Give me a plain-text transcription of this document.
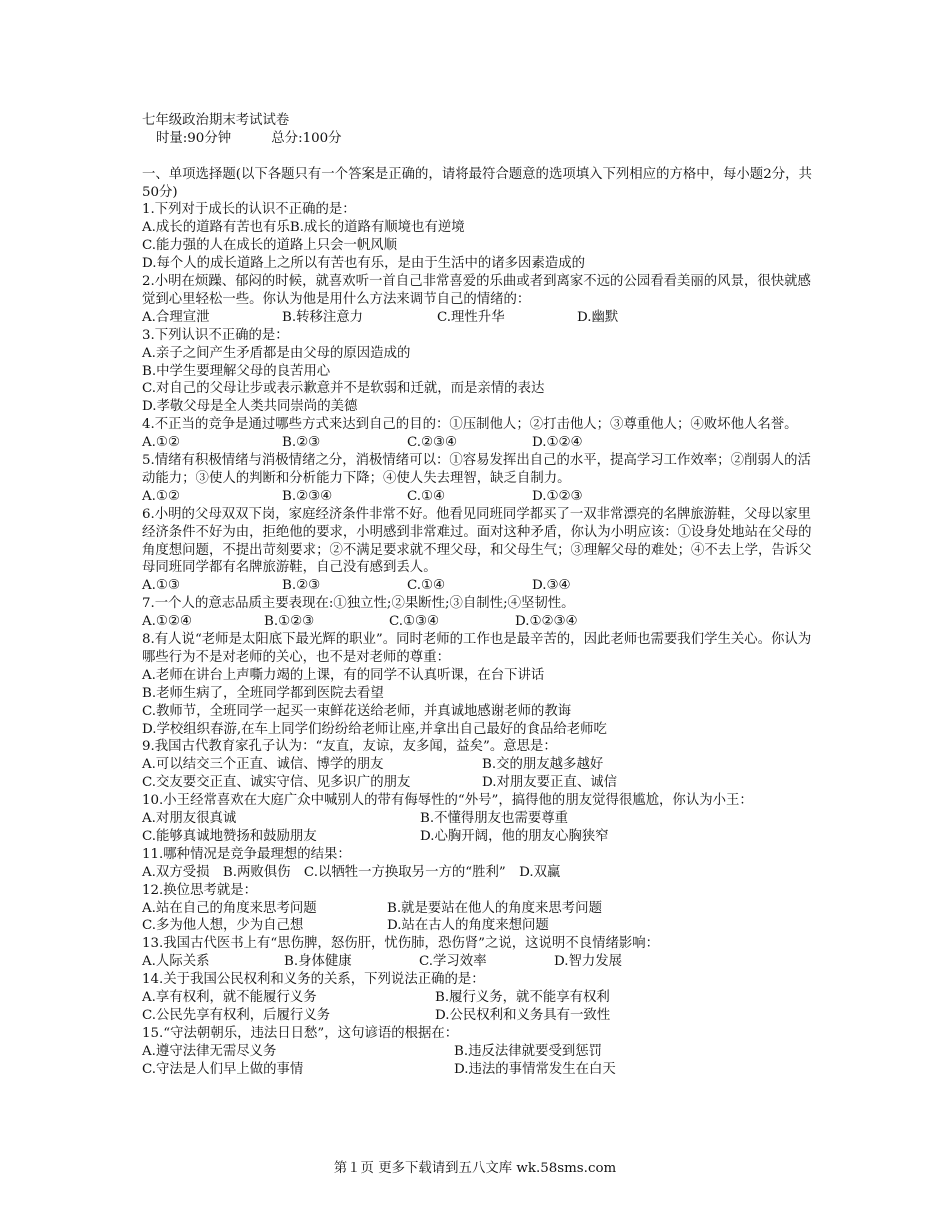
七年级政治期末考试试卷
时量:90分钟　　　总分:100分
一、单项选择题(以下各题只有一个答案是正确的，请将最符合题意的选项填入下列相应的方格中，每小题2分，共50分)
1.下列对于成长的认识不正确的是：
A.成长的道路有苦也有乐B.成长的道路有顺境也有逆境
C.能力强的人在成长的道路上只会一帆风顺
D.每个人的成长道路上之所以有苦也有乐，是由于生活中的诸多因素造成的
2.小明在烦躁、郁闷的时候，就喜欢听一首自己非常喜爱的乐曲或者到离家不远的公园看看美丽的风景，很快就感觉到心里轻松一些。你认为他是用什么方法来调节自己的情绪的：
A.合理宣泄	B.转移注意力	C.理性升华	D.幽默
3.下列认识不正确的是：
A.亲子之间产生矛盾都是由父母的原因造成的
B.中学生要理解父母的良苦用心
C.对自己的父母让步或表示歉意并不是软弱和迁就，而是亲情的表达
D.孝敬父母是全人类共同崇尚的美德
4.不正当的竞争是通过哪些方式来达到自己的目的：①压制他人；②打击他人；③尊重他人；④败坏他人名誉。
A.①②	B.②③	C.②③④	D.①②④
5.情绪有积极情绪与消极情绪之分，消极情绪可以：①容易发挥出自己的水平，提高学习工作效率；②削弱人的活动能力；③使人的判断和分析能力下降；④使人失去理智，缺乏自制力。
A.①②	B.②③④	C.①④	D.①②③
6.小明的父母双双下岗，家庭经济条件非常不好。他看见同班同学都买了一双非常漂亮的名牌旅游鞋，父母以家里经济条件不好为由，拒绝他的要求，小明感到非常难过。面对这种矛盾，你认为小明应该：①设身处地站在父母的角度想问题，不提出苛刻要求；②不满足要求就不理父母，和父母生气；③理解父母的难处；④不去上学，告诉父母同班同学都有名牌旅游鞋，自己没有感到丢人。
A.①③	B.②③	C.①④	D.③④
7.一个人的意志品质主要表现在:①独立性;②果断性;③自制性;④坚韧性。
A.①②④	B.①②③	C.①③④	D.①②③④
8.有人说“老师是太阳底下最光辉的职业”。同时老师的工作也是最辛苦的，因此老师也需要我们学生关心。你认为哪些行为不是对老师的关心，也不是对老师的尊重：
A.老师在讲台上声嘶力竭的上课，有的同学不认真听课，在台下讲话
B.老师生病了，全班同学都到医院去看望
C.教师节，全班同学一起买一束鲜花送给老师，并真诚地感谢老师的教诲
D.学校组织春游,在车上同学们纷纷给老师让座,并拿出自己最好的食品给老师吃
9.我国古代教育家孔子认为：“友直，友谅，友多闻，益矣”。意思是：
A.可以结交三个正直、诚信、博学的朋友	B.交的朋友越多越好
C.交友要交正直、诚实守信、见多识广的朋友	D.对朋友要正直、诚信
10.小王经常喜欢在大庭广众中喊别人的带有侮辱性的“外号”，搞得他的朋友觉得很尴尬，你认为小王：
A.对朋友很真诚	B.不懂得朋友也需要尊重
C.能够真诚地赞扬和鼓励朋友	D.心胸开阔，他的朋友心胸狭窄
11.哪种情况是竞争最理想的结果：
A.双方受损　B.两败俱伤　C.以牺牲一方换取另一方的“胜利”　D.双赢
12.换位思考就是：
A.站在自己的角度来思考问题	B.就是要站在他人的角度来思考问题
C.多为他人想，少为自己想	D.站在古人的角度来想问题
13.我国古代医书上有“思伤脾，怒伤肝，忧伤肺，恐伤肾”之说，这说明不良情绪影响：
A.人际关系	B.身体健康	C.学习效率	D.智力发展
14.关于我国公民权利和义务的关系，下列说法正确的是：
A.享有权利，就不能履行义务	B.履行义务，就不能享有权利
C.公民先享有权利，后履行义务	D.公民权利和义务具有一致性
15.“守法朝朝乐，违法日日愁”，这句谚语的根据在：
A.遵守法律无需尽义务	B.违反法律就要受到惩罚
C.守法是人们早上做的事情	D.违法的事情常发生在白天
第１页 更多下载请到五八文库 wk.58sms.com
